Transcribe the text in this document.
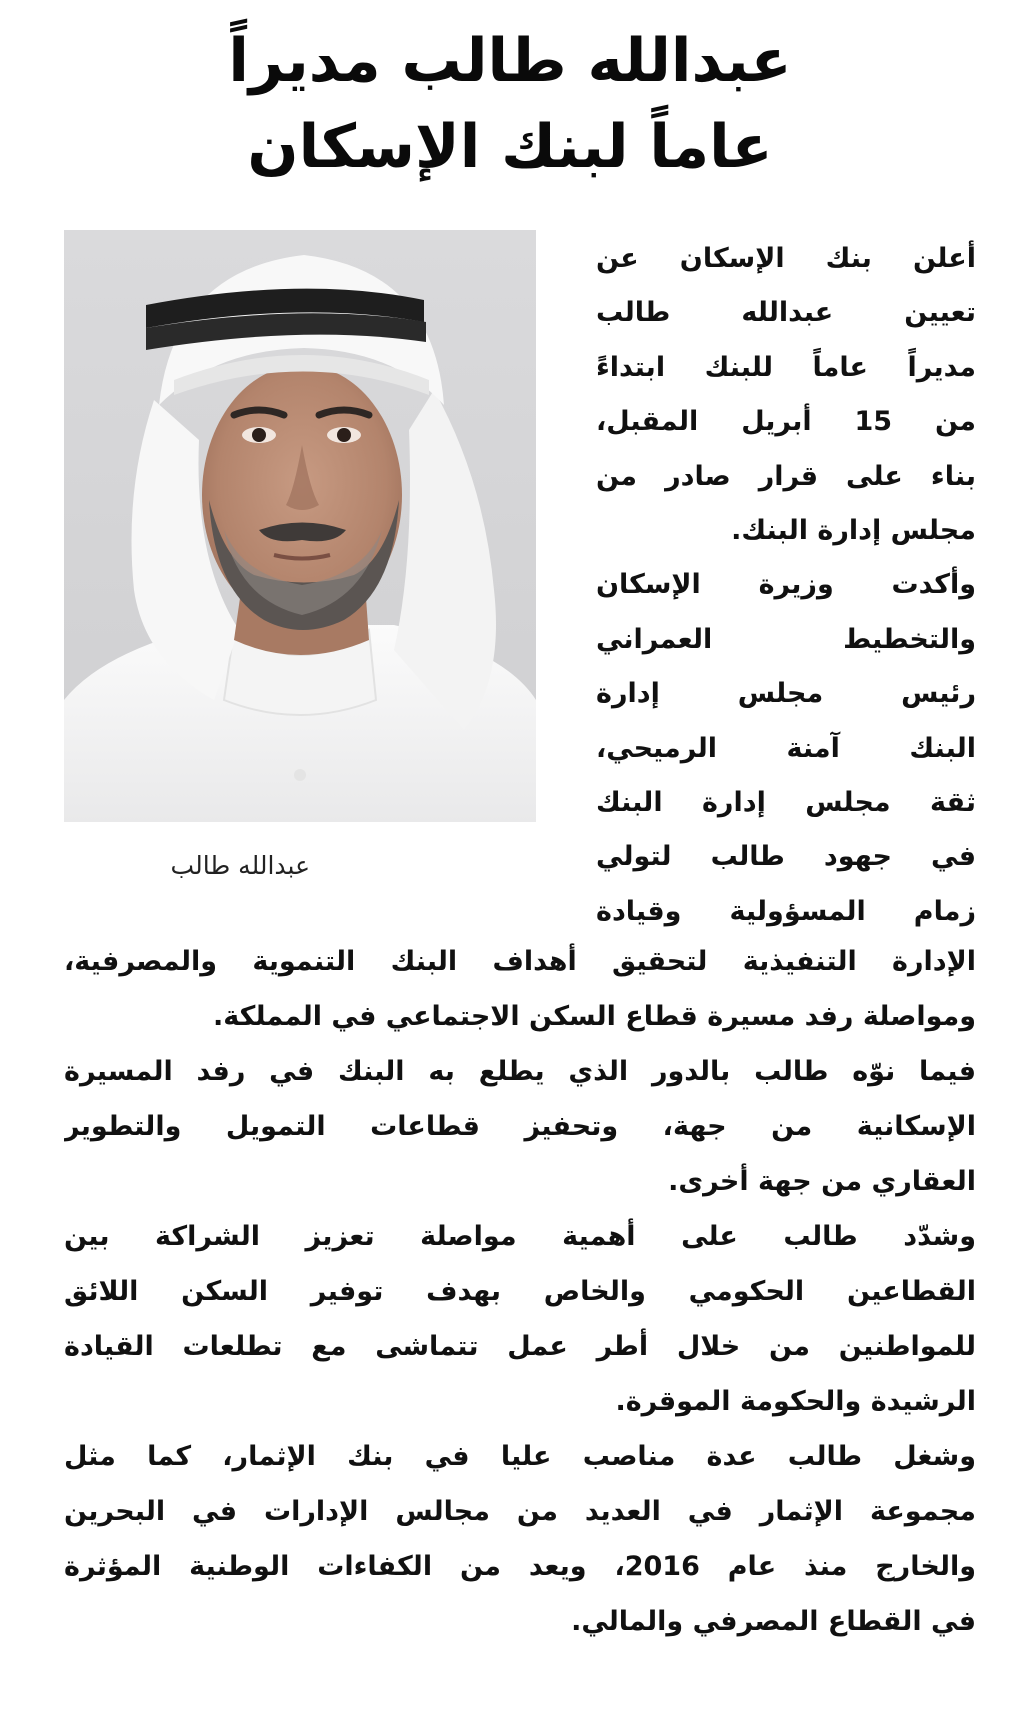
عبدالله طالب مديراً
عاماً لبنك الإسكان
عبدالله طالب
أعلن بنك الإسكان عن
تعيين عبدالله طالب
مديراً عاماً للبنك ابتداءً
من 15 أبريل المقبل،
بناء على قرار صادر من
مجلس إدارة البنك.
وأكدت وزيرة الإسكان
والتخطيط العمراني
رئيس مجلس إدارة
البنك آمنة الرميحي،
ثقة مجلس إدارة البنك
في جهود طالب لتولي
زمام المسؤولية وقيادة
الإدارة التنفيذية لتحقيق أهداف البنك التنموية والمصرفية،
ومواصلة رفد مسيرة قطاع السكن الاجتماعي في المملكة.
فيما نوّه طالب بالدور الذي يطلع به البنك في رفد المسيرة
الإسكانية من جهة، وتحفيز قطاعات التمويل والتطوير
العقاري من جهة أخرى.
وشدّد طالب على أهمية مواصلة تعزيز الشراكة بين
القطاعين الحكومي والخاص بهدف توفير السكن اللائق
للمواطنين من خلال أطر عمل تتماشى مع تطلعات القيادة
الرشيدة والحكومة الموقرة.
وشغل طالب عدة مناصب عليا في بنك الإثمار، كما مثل
مجموعة الإثمار في العديد من مجالس الإدارات في البحرين
والخارج منذ عام 2016، ويعد من الكفاءات الوطنية المؤثرة
في القطاع المصرفي والمالي.
